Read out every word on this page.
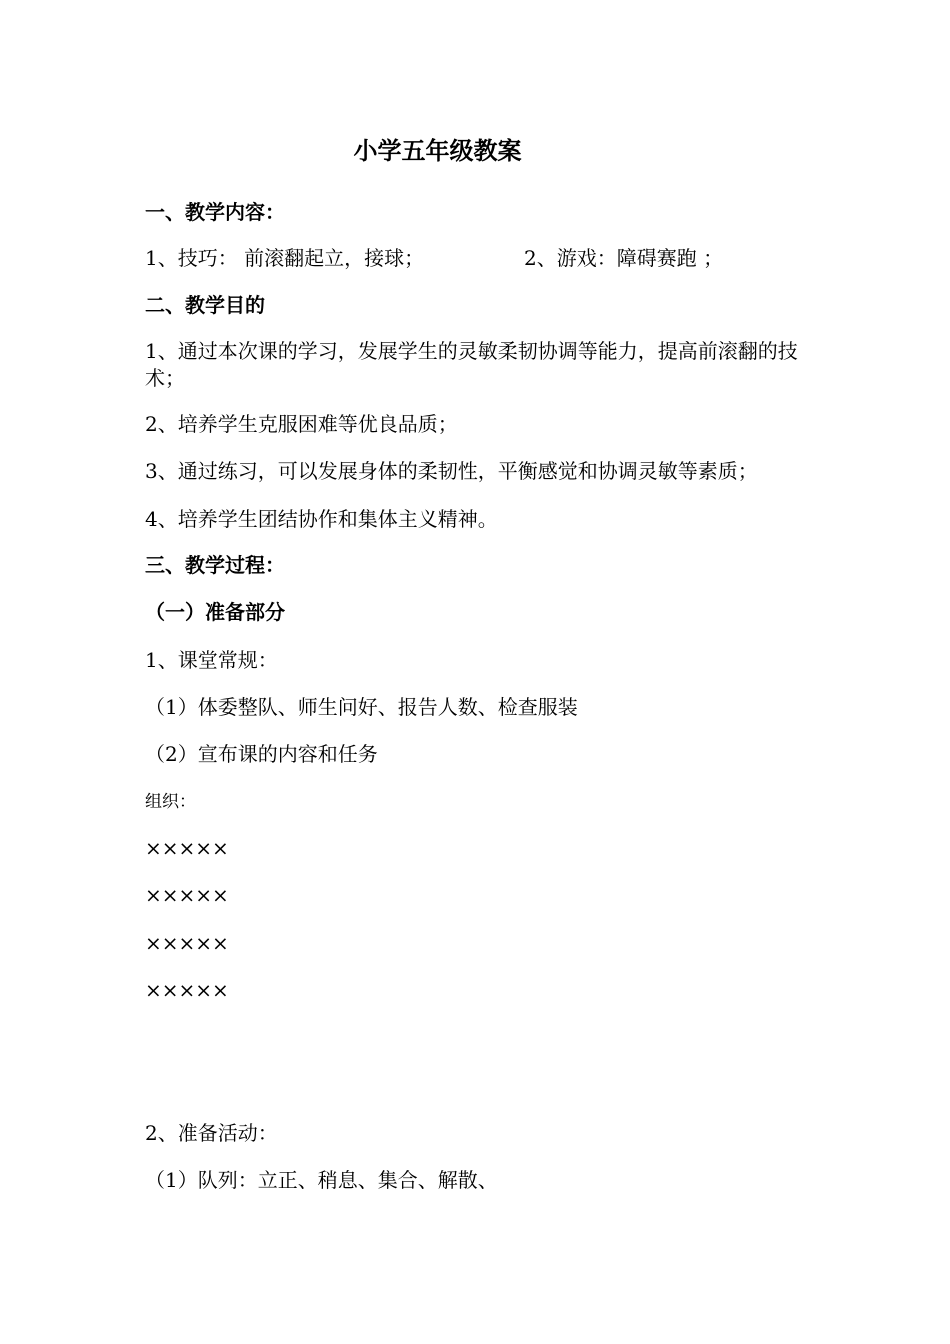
小学五年级教案
一、教学内容：
1、技巧： 前滚翻起立，接球；	2、游戏：障碍赛跑 ；
二、教学目的
1、通过本次课的学习，发展学生的灵敏柔韧协调等能力，提高前滚翻的技术；
2、培养学生克服困难等优良品质；
3、通过练习，可以发展身体的柔韧性，平衡感觉和协调灵敏等素质；
4、培养学生团结协作和集体主义精神。
三、教学过程：
（一）准备部分
1、课堂常规：
（1）体委整队、师生问好、报告人数、检查服装
（2）宣布课的内容和任务
组织：
×××××
×××××
×××××
×××××
2、准备活动：
（1）队列：立正、稍息、集合、解散、
